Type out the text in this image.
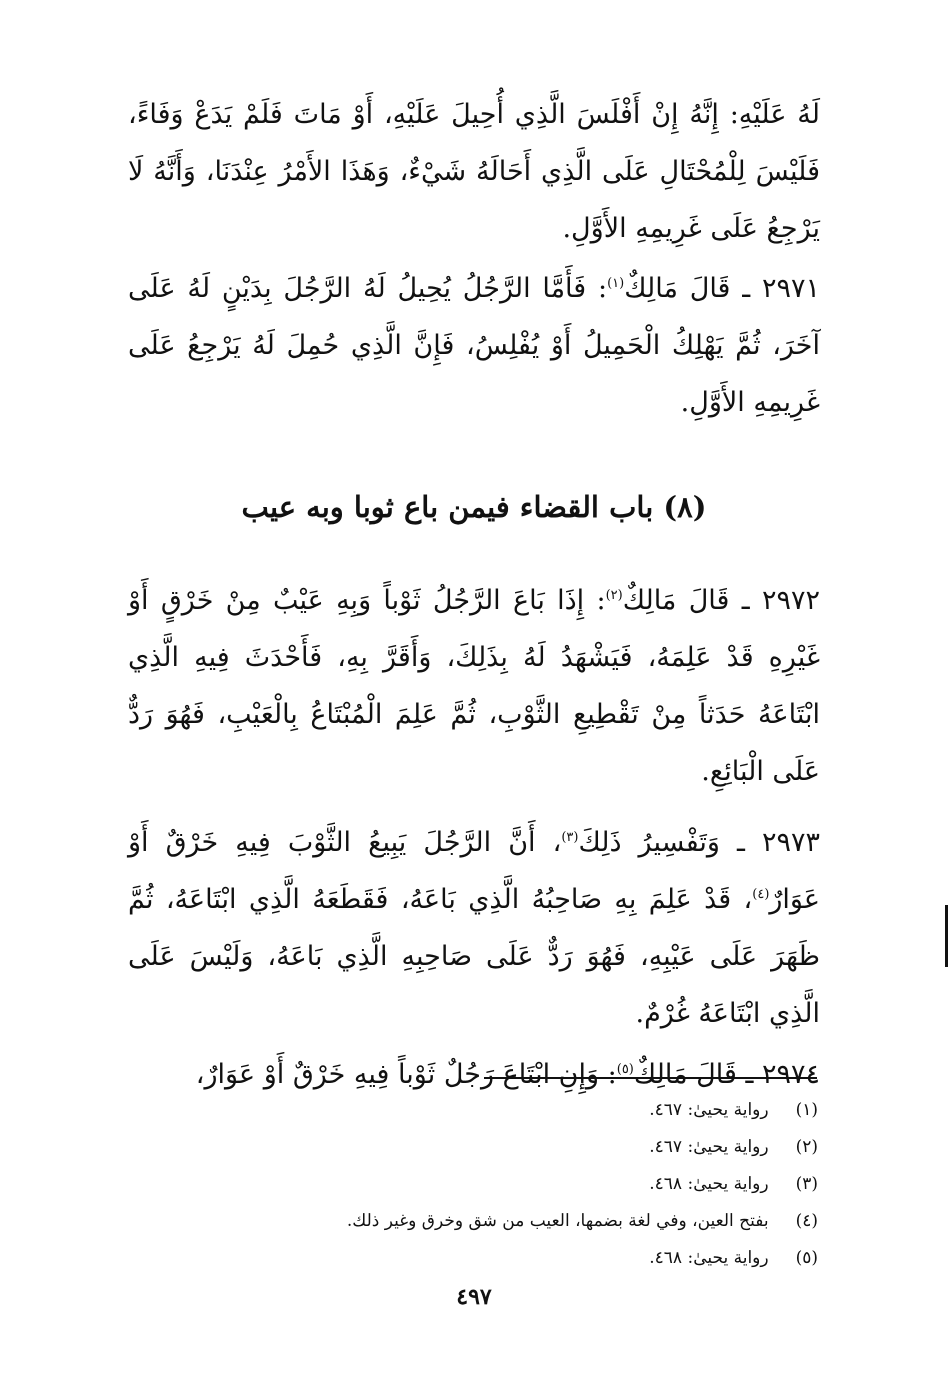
لَهُ عَلَيْهِ: إِنَّهُ إِنْ أَفْلَسَ الَّذِي أُحِيلَ عَلَيْهِ، أَوْ مَاتَ فَلَمْ يَدَعْ وَفَاءً، فَلَيْسَ لِلْمُحْتَالِ عَلَى الَّذِي أَحَالَهُ شَيْءٌ، وَهَذَا الأَمْرُ عِنْدَنَا، وَأَنَّهُ لَا يَرْجِعُ عَلَى غَرِيمِهِ الأَوَّلِ.

٢٩٧١ ـ قَالَ مَالِكٌ$^{(١)}$: فَأَمَّا الرَّجُلُ يُحِيلُ لَهُ الرَّجُلَ بِدَيْنٍ لَهُ عَلَى آخَرَ، ثُمَّ يَهْلِكُ الْحَمِيلُ أَوْ يُفْلِسُ، فَإِنَّ الَّذِي حُمِلَ لَهُ يَرْجِعُ عَلَى غَرِيمِهِ الأَوَّلِ.

(٨) باب القضاء فيمن باع ثوبا وبه عيب

٢٩٧٢ ـ قَالَ مَالِكٌ$^{(٢)}$: إِذَا بَاعَ الرَّجُلُ ثَوْباً وَبِهِ عَيْبٌ مِنْ خَرْقٍ أَوْ غَيْرِهِ قَدْ عَلِمَهُ، فَيَشْهَدُ لَهُ بِذَلِكَ، وَأَقَرَّ بِهِ، فَأَحْدَثَ فِيهِ الَّذِي ابْتَاعَهُ حَدَثاً مِنْ تَقْطِيعِ الثَّوْبِ، ثُمَّ عَلِمَ الْمُبْتَاعُ بِالْعَيْبِ، فَهُوَ رَدٌّ عَلَى الْبَائِعِ.

٢٩٧٣ ـ وَتَفْسِيرُ ذَلِكَ$^{(٣)}$، أَنَّ الرَّجُلَ يَبِيعُ الثَّوْبَ فِيهِ خَرْقٌ أَوْ عَوَارٌ$^{(٤)}$، قَدْ عَلِمَ بِهِ صَاحِبُهُ الَّذِي بَاعَهُ، فَقَطَعَهُ الَّذِي ابْتَاعَهُ، ثُمَّ ظَهَرَ عَلَى عَيْبِهِ، فَهُوَ رَدٌّ عَلَى صَاحِبِهِ الَّذِي بَاعَهُ، وَلَيْسَ عَلَى الَّذِي ابْتَاعَهُ غُرْمٌ.

٢٩٧٤ ـ قَالَ مَالِكٌ$^{(٥)}$: وَإِنِ ابْتَاعَ رَجُلٌ ثَوْباً فِيهِ خَرْقٌ أَوْ عَوَارٌ،

(١) رواية يحيىٰ: ٤٦٧.
(٢) رواية يحيىٰ: ٤٦٧.
(٣) رواية يحيىٰ: ٤٦٨.
(٤) بفتح العين، وفي لغة بضمها، العيب من شق وخرق وغير ذلك.
(٥) رواية يحيىٰ: ٤٦٨.
٤٩٧
